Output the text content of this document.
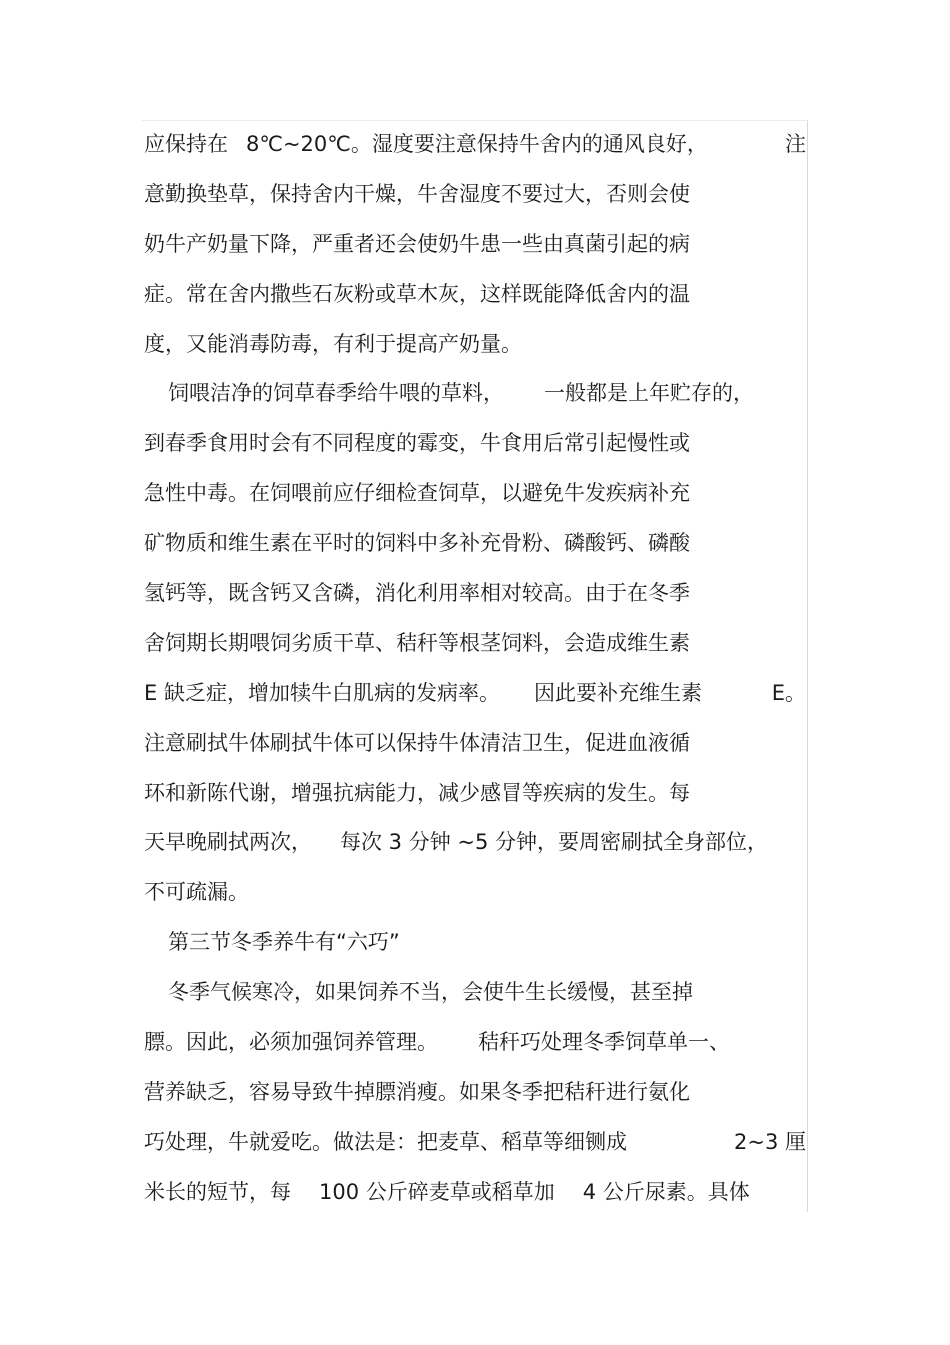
应保持在 8℃~20℃。湿度要注意保持牛舍内的通风良好，	注
意勤换垫草，保持舍内干燥，牛舍湿度不要过大，否则会使
奶牛产奶量下降，严重者还会使奶牛患一些由真菌引起的病
症。常在舍内撒些石灰粉或草木灰，这样既能降低舍内的温
度，又能消毒防毒，有利于提高产奶量。
饲喂洁净的饲草春季给牛喂的草料， 一般都是上年贮存的，
到春季食用时会有不同程度的霉变，牛食用后常引起慢性或
急性中毒。在饲喂前应仔细检查饲草，以避免牛发疾病补充
矿物质和维生素在平时的饲料中多补充骨粉、磷酸钙、磷酸
氢钙等，既含钙又含磷，消化利用率相对较高。由于在冬季
舍饲期长期喂饲劣质干草、秸秆等根茎饲料，会造成维生素
E 缺乏症，增加犊牛白肌病的发病率。 因此要补充维生素	E。
注意刷拭牛体刷拭牛体可以保持牛体清洁卫生，促进血液循
环和新陈代谢，增强抗病能力，减少感冒等疾病的发生。每
天早晚刷拭两次， 每次 3 分钟 ~5 分钟，要周密刷拭全身部位，
不可疏漏。
第三节冬季养牛有“六巧”
冬季气候寒冷，如果饲养不当，会使牛生长缓慢，甚至掉
膘。因此，必须加强饲养管理。 秸秆巧处理冬季饲草单一、
营养缺乏，容易导致牛掉膘消瘦。如果冬季把秸秆进行氨化
巧处理，牛就爱吃。做法是：把麦草、稻草等细铡成	2~3 厘
米长的短节，每 100 公斤碎麦草或稻草加 4 公斤尿素。具体
